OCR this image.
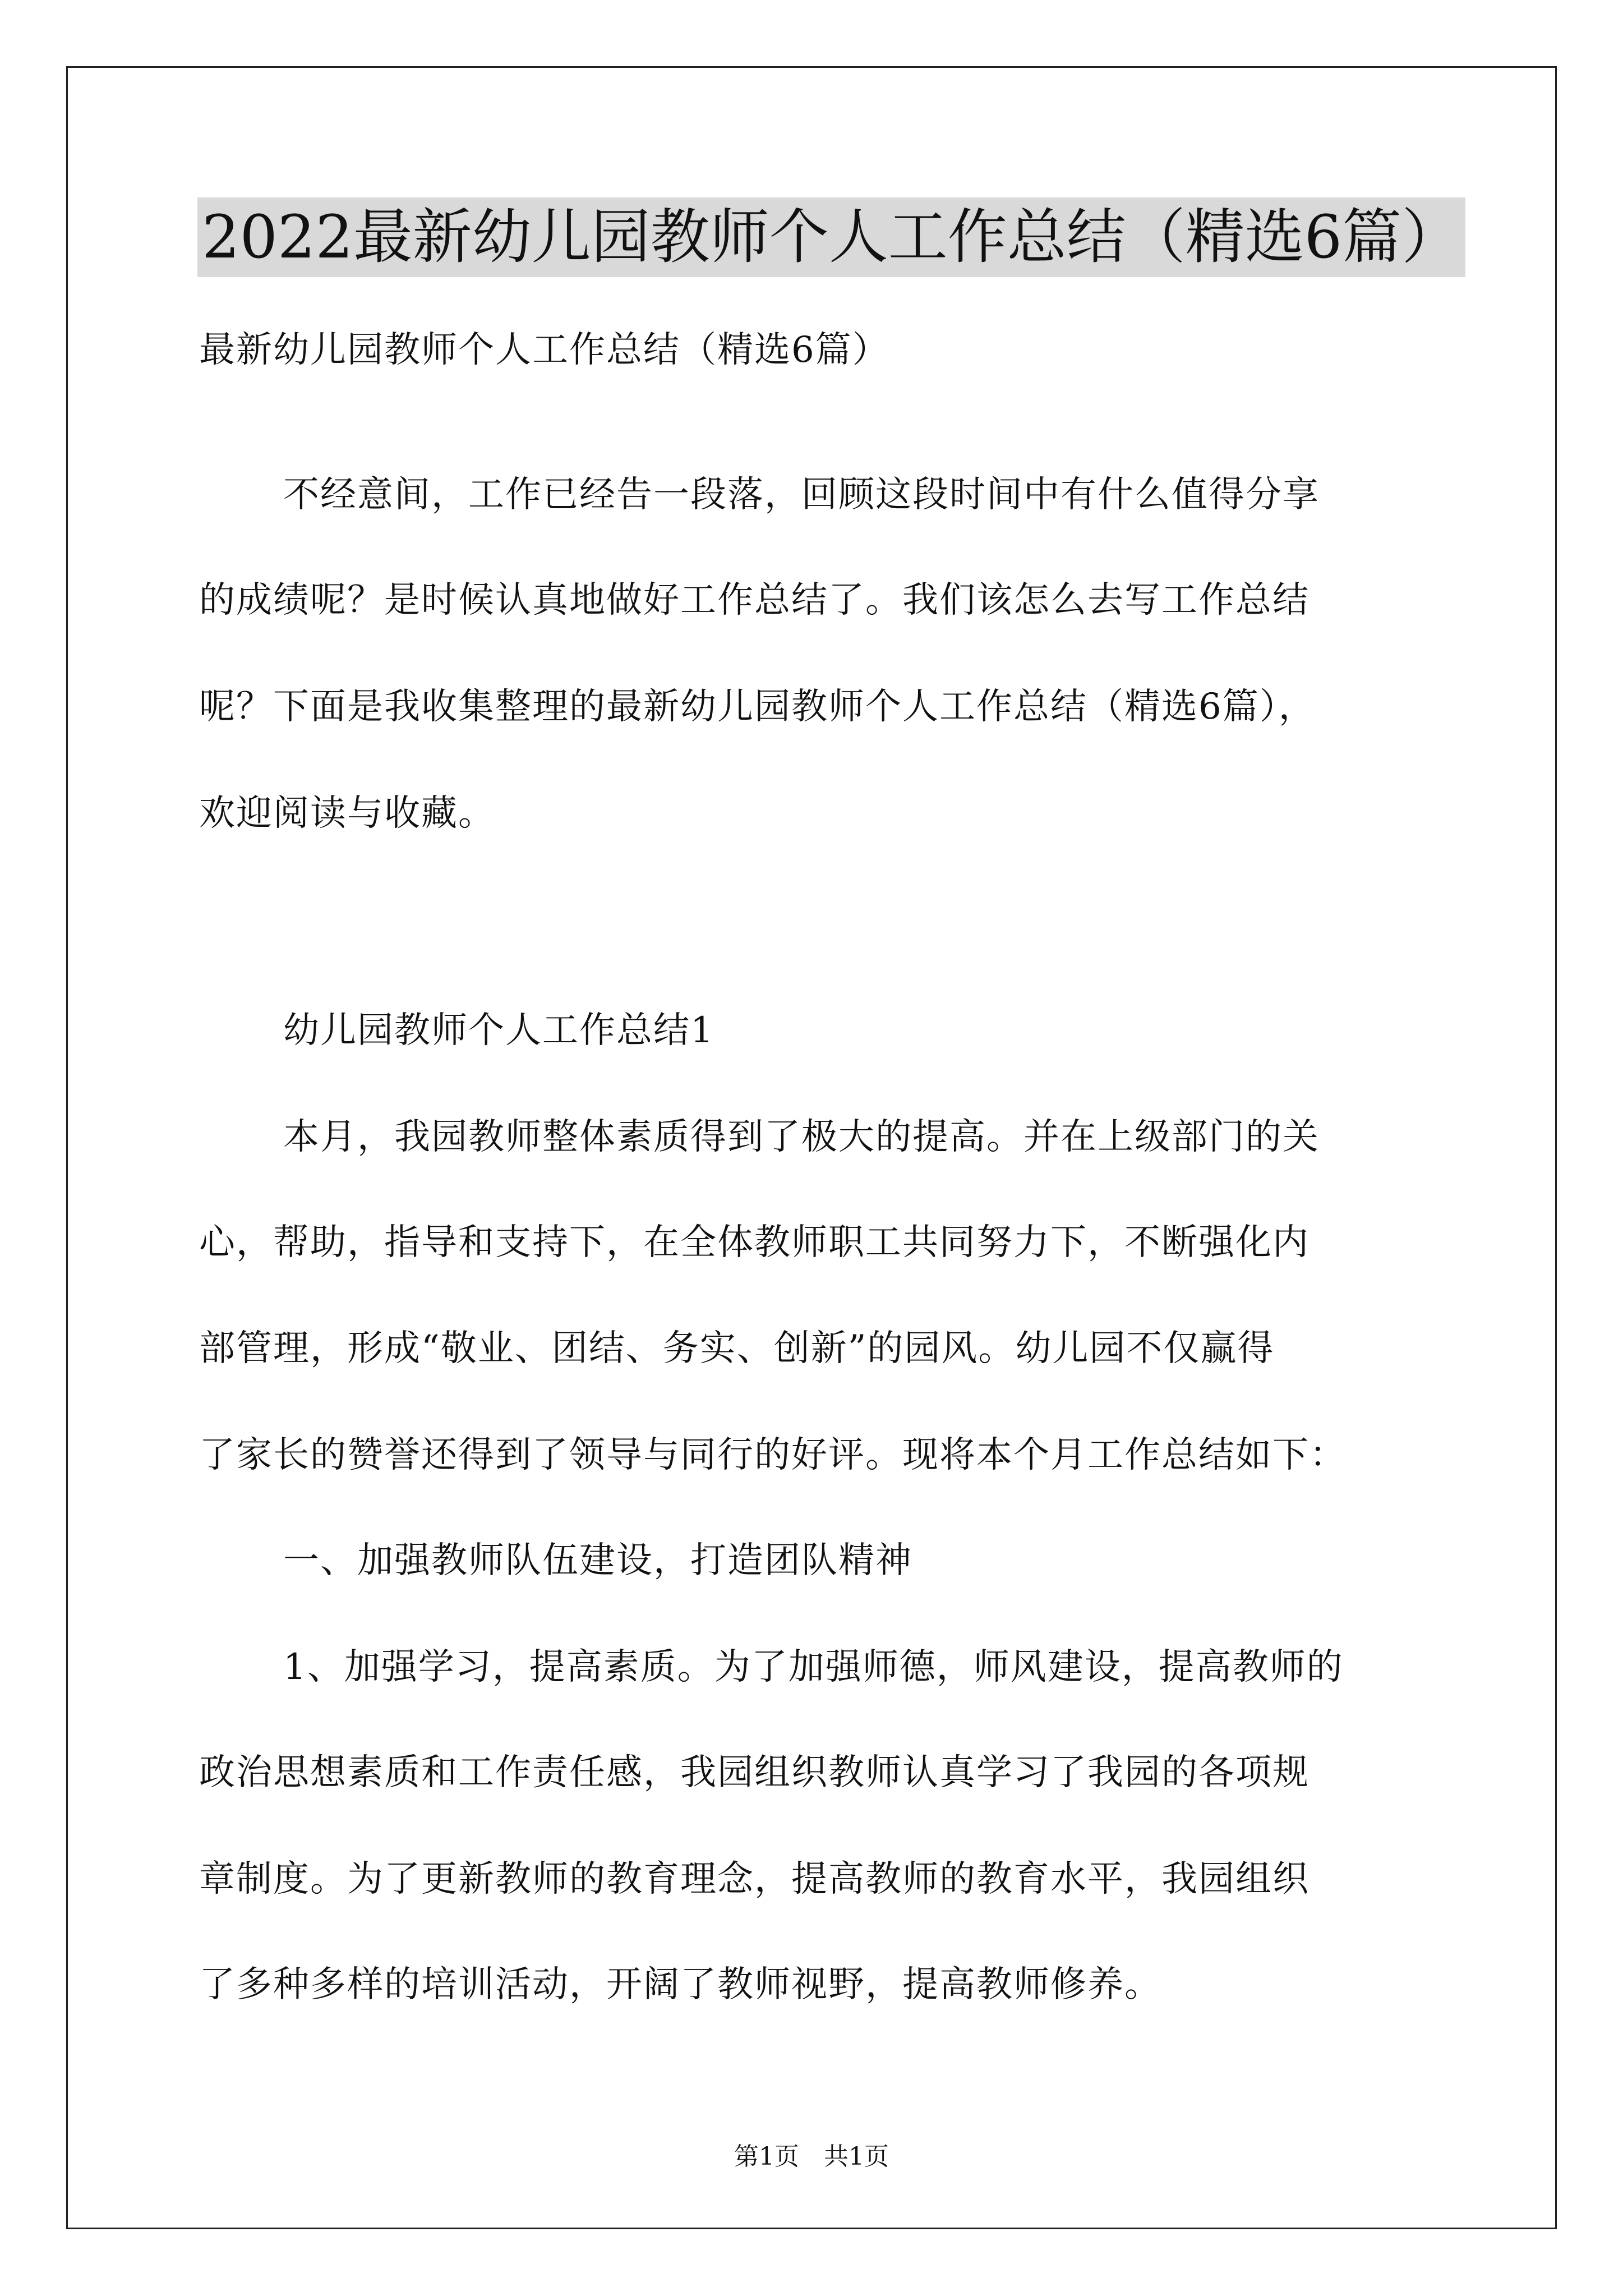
2022最新幼儿园教师个人工作总结（精选6篇）
最新幼儿园教师个人工作总结（精选6篇）
不经意间，工作已经告一段落，回顾这段时间中有什么值得分享
的成绩呢？是时候认真地做好工作总结了。我们该怎么去写工作总结
呢？下面是我收集整理的最新幼儿园教师个人工作总结（精选6篇），
欢迎阅读与收藏。
幼儿园教师个人工作总结1
本月，我园教师整体素质得到了极大的提高。并在上级部门的关
心，帮助，指导和支持下，在全体教师职工共同努力下，不断强化内
部管理，形成“敬业、团结、务实、创新”的园风。幼儿园不仅赢得
了家长的赞誉还得到了领导与同行的好评。现将本个月工作总结如下：
一、加强教师队伍建设，打造团队精神
1、加强学习，提高素质。为了加强师德，师风建设，提高教师的
政治思想素质和工作责任感，我园组织教师认真学习了我园的各项规
章制度。为了更新教师的教育理念，提高教师的教育水平，我园组织
了多种多样的培训活动，开阔了教师视野，提高教师修养。
第1页　共1页
